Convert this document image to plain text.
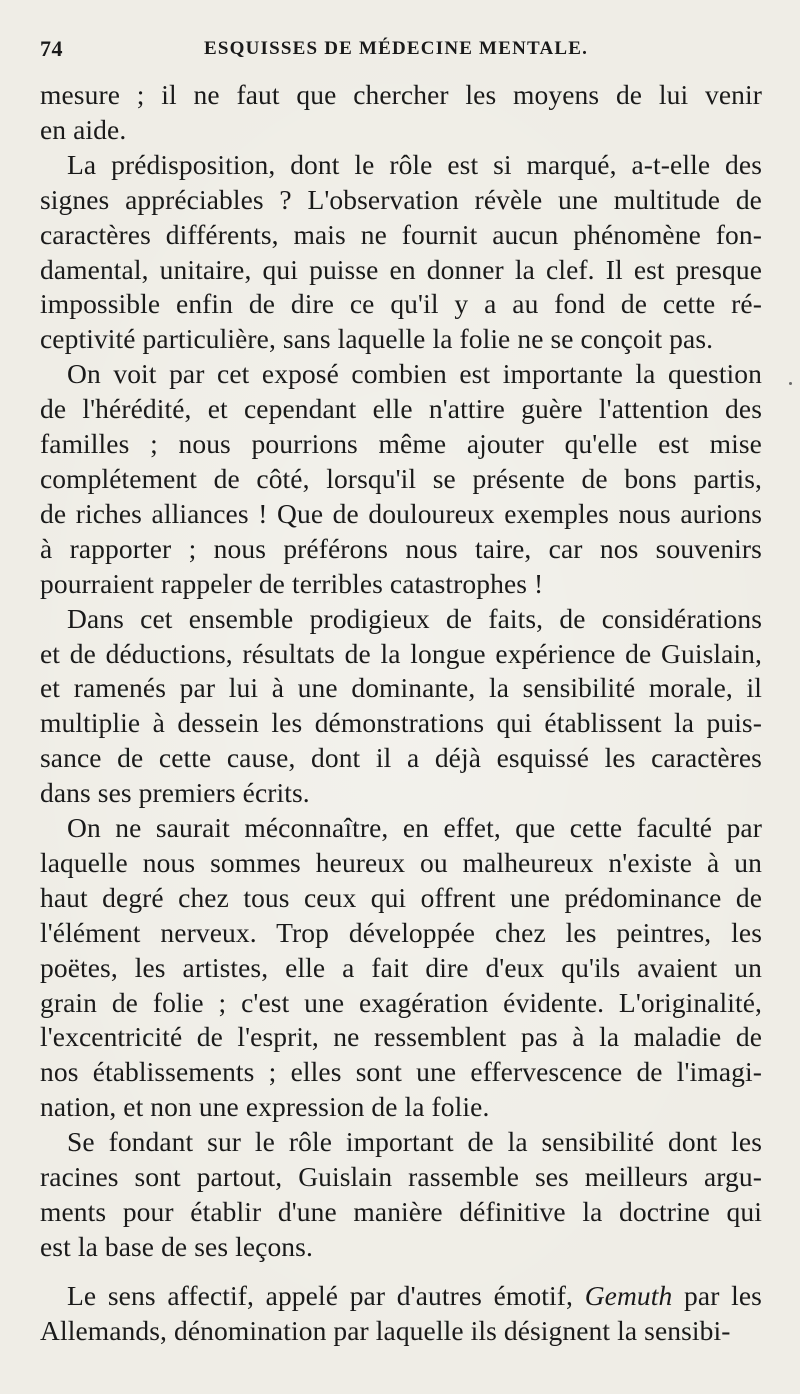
74	ESQUISSES DE MÉDECINE MENTALE.

mesure ; il ne faut que chercher les moyens de lui venir
en aide.

La prédisposition, dont le rôle est si marqué, a-t-elle des
signes appréciables ? L'observation révèle une multitude de
caractères différents, mais ne fournit aucun phénomène fon-
damental, unitaire, qui puisse en donner la clef. Il est presque
impossible enfin de dire ce qu'il y a au fond de cette ré-
ceptivité particulière, sans laquelle la folie ne se conçoit pas.

On voit par cet exposé combien est importante la question
de l'hérédité, et cependant elle n'attire guère l'attention des
familles ; nous pourrions même ajouter qu'elle est mise
complétement de côté, lorsqu'il se présente de bons partis,
de riches alliances ! Que de douloureux exemples nous aurions
à rapporter ; nous préférons nous taire, car nos souvenirs
pourraient rappeler de terribles catastrophes !

Dans cet ensemble prodigieux de faits, de considérations
et de déductions, résultats de la longue expérience de Guislain,
et ramenés par lui à une dominante, la sensibilité morale, il
multiplie à dessein les démonstrations qui établissent la puis-
sance de cette cause, dont il a déjà esquissé les caractères
dans ses premiers écrits.

On ne saurait méconnaître, en effet, que cette faculté par
laquelle nous sommes heureux ou malheureux n'existe à un
haut degré chez tous ceux qui offrent une prédominance de
l'élément nerveux. Trop développée chez les peintres, les
poëtes, les artistes, elle a fait dire d'eux qu'ils avaient un
grain de folie ; c'est une exagération évidente. L'originalité,
l'excentricité de l'esprit, ne ressemblent pas à la maladie de
nos établissements ; elles sont une effervescence de l'imagi-
nation, et non une expression de la folie.

Se fondant sur le rôle important de la sensibilité dont les
racines sont partout, Guislain rassemble ses meilleurs argu-
ments pour établir d'une manière définitive la doctrine qui
est la base de ses leçons.

Le sens affectif, appelé par d'autres émotif, Gemuth par les
Allemands, dénomination par laquelle ils désignent la sensibi-
